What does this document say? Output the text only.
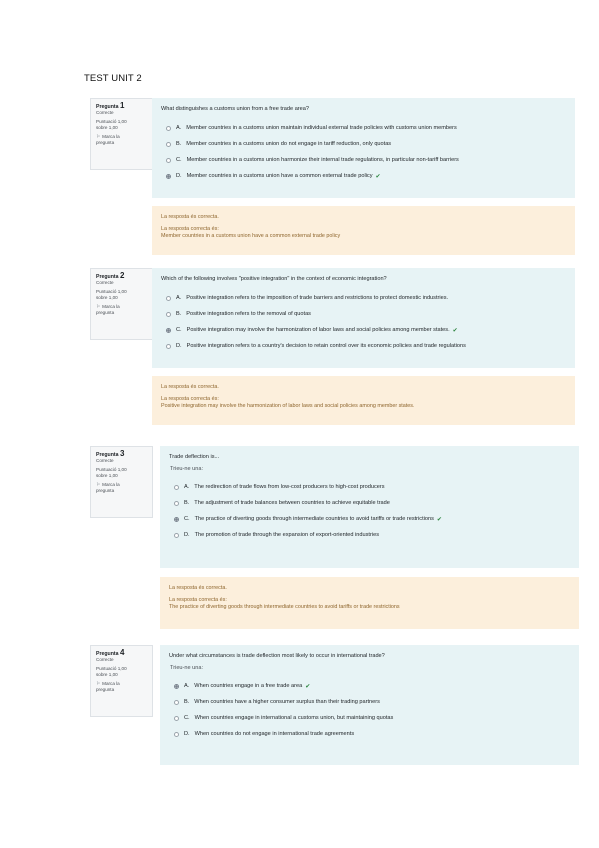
TEST UNIT 2
Pregunta 1
Correcte
Puntuació 1,00
sobre 1,00
⚐ Marca la
pregunta
What distinguishes a customs union from a free trade area?
A. Member countries in a customs union maintain individual external trade policies with customs union members
B. Member countries in a customs union do not engage in tariff reduction, only quotas
C. Member countries in a customs union harmonize their internal trade regulations, in particular non-tariff barriers
D. Member countries in a customs union have a common external trade policy ✔
La resposta és correcta.
La resposta correcta és:
Member countries in a customs union have a common external trade policy
Pregunta 2
Correcte
Puntuació 1,00
sobre 1,00
⚐ Marca la
pregunta
Which of the following involves "positive integration" in the context of economic integration?
A. Positive integration refers to the imposition of trade barriers and restrictions to protect domestic industries.
B. Positive integration refers to the removal of quotas
C. Positive integration may involve the harmonization of labor laws and social policies among member states. ✔
D. Positive integration refers to a country's decision to retain control over its economic policies and trade regulations
La resposta és correcta.
La resposta correcta és:
Positive integration may involve the harmonization of labor laws and social policies among member states.
Pregunta 3
Correcte
Puntuació 1,00
sobre 1,00
⚐ Marca la
pregunta
Trade deflection is...
Trieu-ne una:
A. The redirection of trade flows from low-cost producers to high-cost producers
B. The adjustment of trade balances between countries to achieve equitable trade
C. The practice of diverting goods through intermediate countries to avoid tariffs or trade restrictions ✔
D. The promotion of trade through the expansion of export-oriented industries
La resposta és correcta.
La resposta correcta és:
The practice of diverting goods through intermediate countries to avoid tariffs or trade restrictions
Pregunta 4
Correcte
Puntuació 1,00
sobre 1,00
⚐ Marca la
pregunta
Under what circumstances is trade deflection most likely to occur in international trade?
Trieu-ne una:
A. When countries engage in a free trade area ✔
B. When countries have a higher consumer surplus than their trading partners
C. When countries engage in international a customs union, but maintaining quotas
D. When countries do not engage in international trade agreements
